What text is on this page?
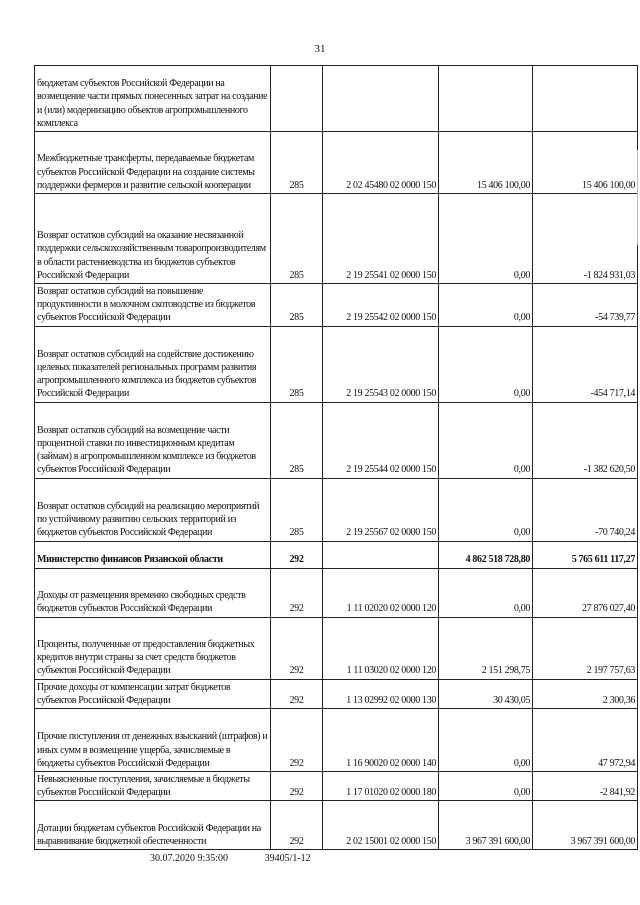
31
бюджетам субъектов Российской Федерации на возмещение части прямых понесенных затрат на создание и (или) модернизацию объектов агропромышленного комплекса				
Межбюджетные трансферты, передаваемые бюджетам субъектов Российской Федерации на создание системы поддержки фермеров и развитие сельской кооперации	285	2 02 45480 02 0000 150	15 406 100,00	15 406 100,00
Возврат остатков субсидий на оказание несвязанной поддержки сельскохозяйственным товаропроизводителям в области растениеводства из бюджетов субъектов Российской Федерации	285	2 19 25541 02 0000 150	0,00	-1 824 931,03
Возврат остатков субсидий на повышение продуктивности в молочном скотоводстве из бюджетов субъектов Российской Федерации	285	2 19 25542 02 0000 150	0,00	-54 739,77
Возврат остатков субсидий на содействие достижению целевых показателей региональных программ развития агропромышленного комплекса из бюджетов субъектов Российской Федерации	285	2 19 25543 02 0000 150	0,00	-454 717,14
Возврат остатков субсидий на возмещение части процентной ставки по инвестиционным кредитам (займам) в агропромышленном комплексе из бюджетов субъектов Российской Федерации	285	2 19 25544 02 0000 150	0,00	-1 382 620,50
Возврат остатков субсидий на реализацию мероприятий по устойчивому развитию сельских территорий из бюджетов субъектов Российской Федерации	285	2 19 25567 02 0000 150	0,00	-70 740,24
Министерство финансов Рязанской области	292		4 862 518 728,80	5 765 611 117,27
Доходы от размещения временно свободных средств бюджетов субъектов Российской Федерации	292	1 11 02020 02 0000 120	0,00	27 876 027,40
Проценты, полученные от предоставления бюджетных кредитов внутри страны за счет средств бюджетов субъектов Российской Федерации	292	1 11 03020 02 0000 120	2 151 298,75	2 197 757,63
Прочие доходы от компенсации затрат бюджетов субъектов Российской Федерации	292	1 13 02992 02 0000 130	30 430,05	2 300,36
Прочие поступления от денежных взысканий (штрафов) и иных сумм в возмещение ущерба, зачисляемые в бюджеты субъектов Российской Федерации	292	1 16 90020 02 0000 140	0,00	47 972,94
Невыясненные поступления, зачисляемые в бюджеты субъектов Российской Федерации	292	1 17 01020 02 0000 180	0,00	-2 841,92
Дотации бюджетам субъектов Российской Федерации на выравнивание бюджетной обеспеченности	292	2 02 15001 02 0000 150	3 967 391 600,00	3 967 391 600,00
30.07.2020 9:35:00	39405/1-12
